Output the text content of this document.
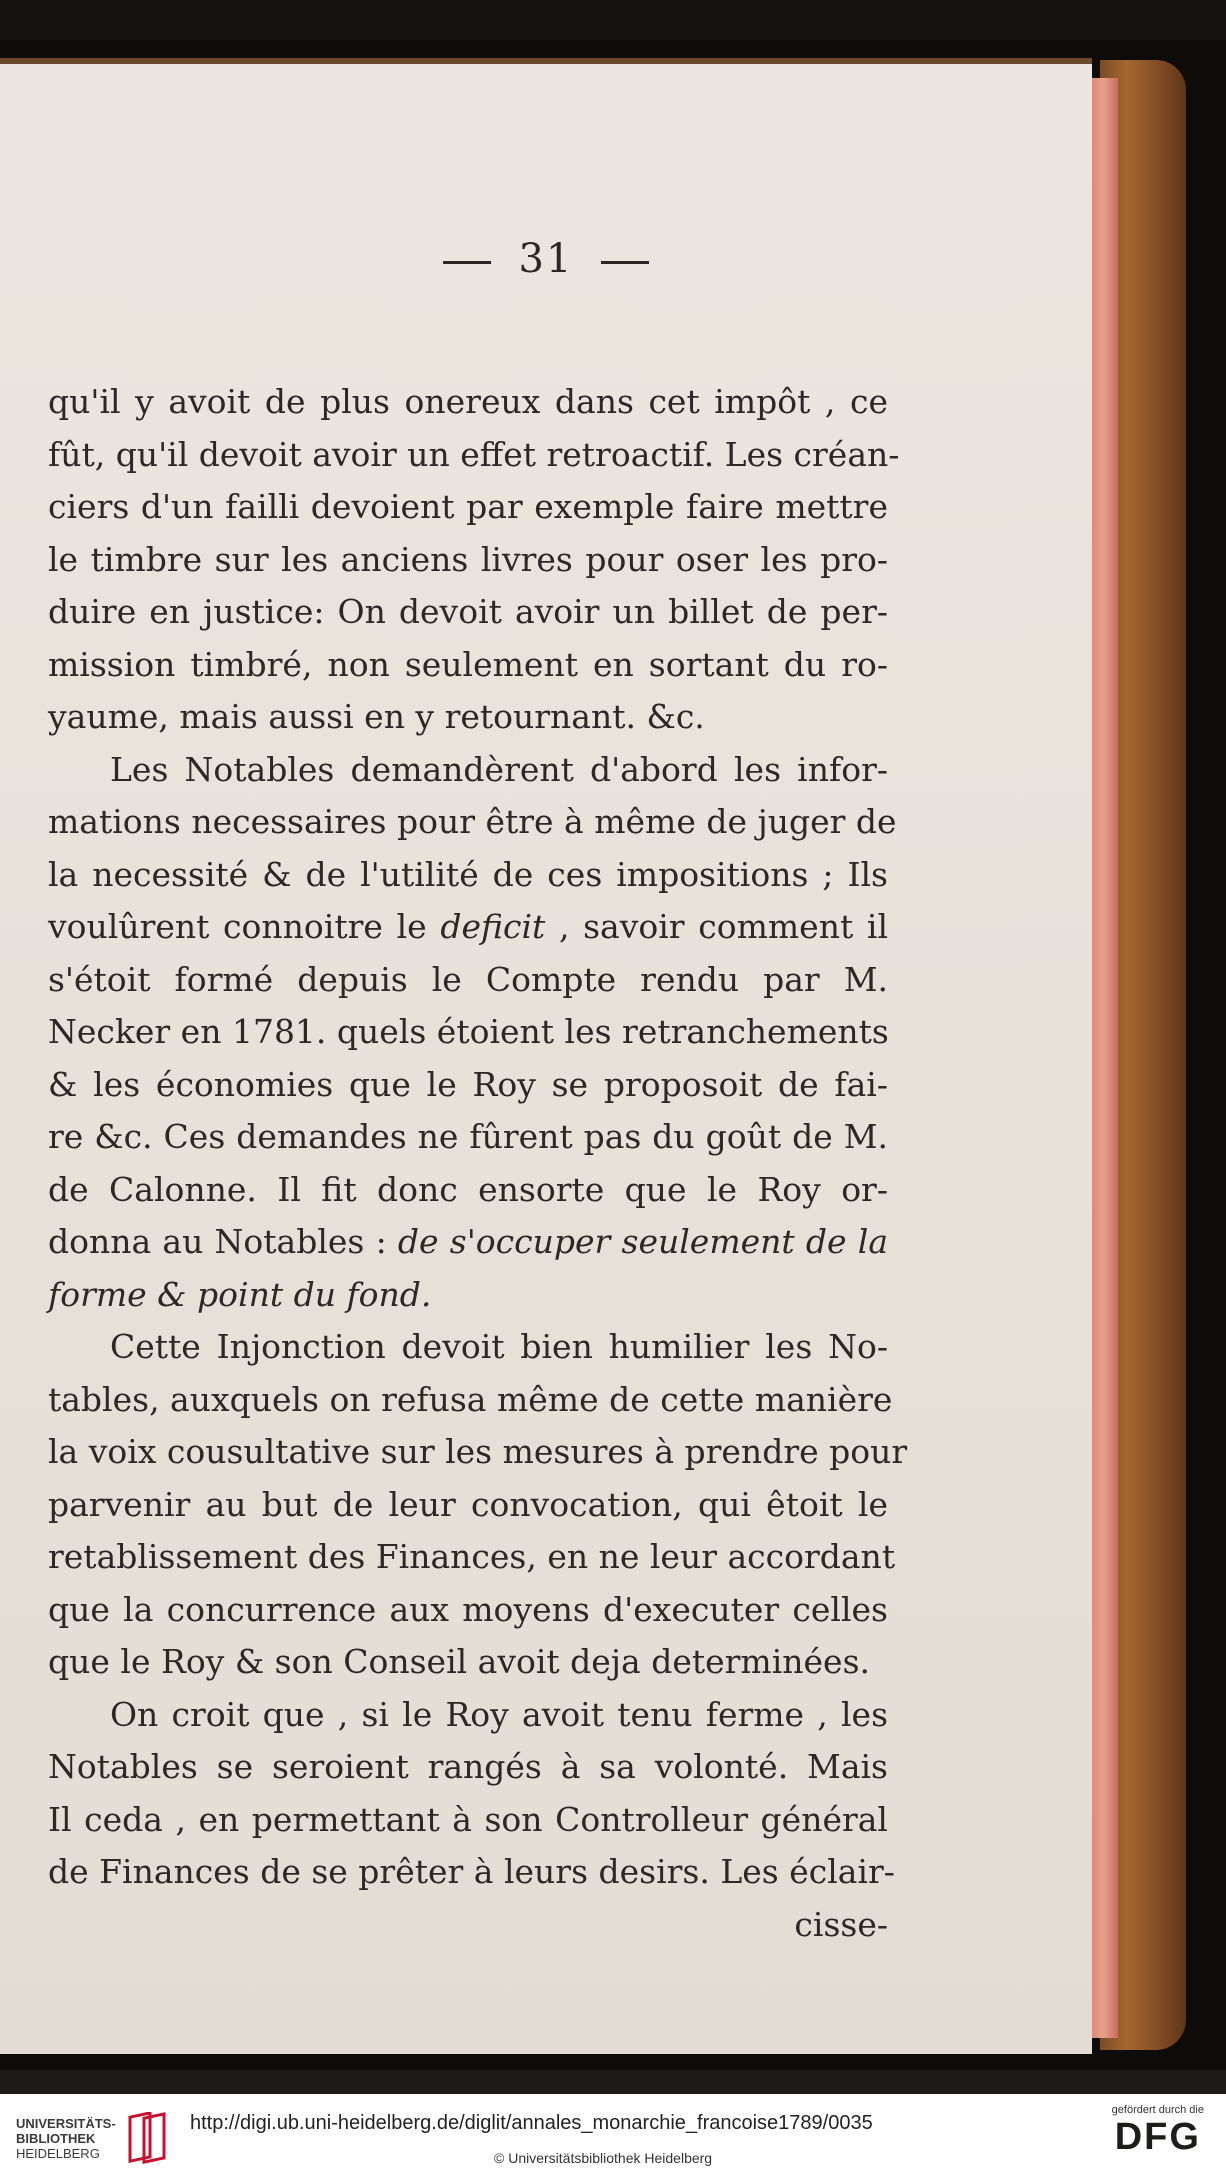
31
qu'il y avoit de plus onereux dans cet impôt , ce
fût, qu'il devoit avoir un effet retroactif. Les créan-
ciers d'un failli devoient par exemple faire mettre
le timbre sur les anciens livres pour oser les pro-
duire en justice: On devoit avoir un billet de per-
mission timbré, non seulement en sortant du ro-
yaume, mais aussi en y retournant. &c.
Les Notables demandèrent d'abord les infor-
mations necessaires pour être à même de juger de
la necessité & de l'utilité de ces impositions ; Ils
voulûrent connoitre le deficit , savoir comment il
s'étoit formé depuis le Compte rendu par M.
Necker en 1781. quels étoient les retranchements
& les économies que le Roy se proposoit de fai-
re &c. Ces demandes ne fûrent pas du goût de M.
de Calonne. Il fit donc ensorte que le Roy or-
donna au Notables : de s'occuper seulement de la
forme & point du fond.
Cette Injonction devoit bien humilier les No-
tables, auxquels on refusa même de cette manière
la voix cousultative sur les mesures à prendre pour
parvenir au but de leur convocation, qui êtoit le
retablissement des Finances, en ne leur accordant
que la concurrence aux moyens d'executer celles
que le Roy & son Conseil avoit deja determinées.
On croit que , si le Roy avoit tenu ferme , les
Notables se seroient rangés à sa volonté. Mais
Il ceda , en permettant à son Controlleur général
de Finances de se prêter à leurs desirs. Les éclair-
cisse-
UNIVERSITÄTS-
BIBLIOTHEK
HEIDELBERG
http://digi.ub.uni-heidelberg.de/diglit/annales_monarchie_francoise1789/0035
© Universitätsbibliothek Heidelberg
gefördert durch die
DFG
